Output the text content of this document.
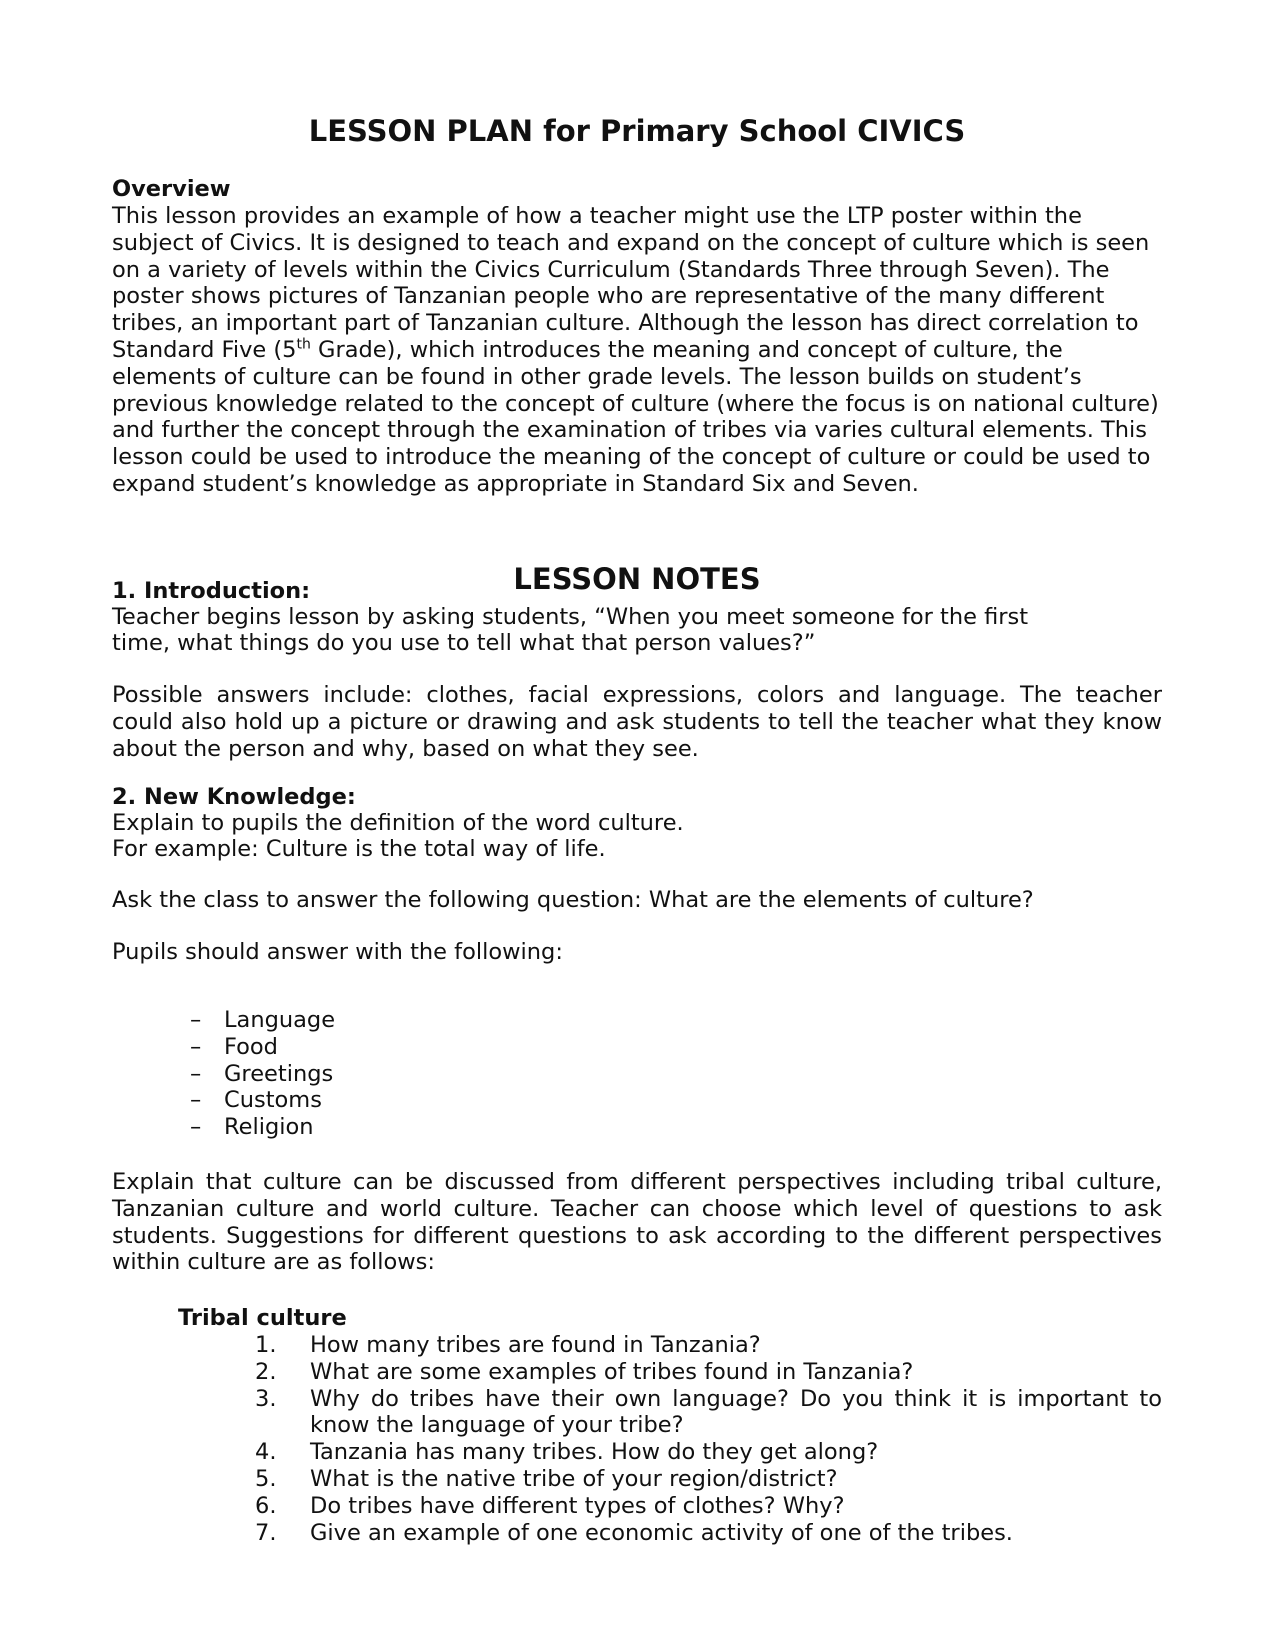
LESSON PLAN for Primary School CIVICS

Overview

This lesson provides an example of how a teacher might use the LTP poster within the subject of Civics. It is designed to teach and expand on the concept of culture which is seen on a variety of levels within the Civics Curriculum (Standards Three through Seven). The poster shows pictures of Tanzanian people who are representative of the many different tribes, an important part of Tanzanian culture. Although the lesson has direct correlation to Standard Five (5th Grade), which introduces the meaning and concept of culture, the elements of culture can be found in other grade levels. The lesson builds on student’s previous knowledge related to the concept of culture (where the focus is on national culture) and further the concept through the examination of tribes via varies cultural elements. This lesson could be used to introduce the meaning of the concept of culture or could be used to expand student’s knowledge as appropriate in Standard Six and Seven.

LESSON NOTES

1. Introduction:

Teacher begins lesson by asking students, “When you meet someone for the first

time, what things do you use to tell what that person values?”

Possible answers include: clothes, facial expressions, colors and language. The teacher could also hold up a picture or drawing and ask students to tell the teacher what they know about the person and why, based on what they see.

2. New Knowledge:

Explain to pupils the definition of the word culture.

For example: Culture is the total way of life.

Ask the class to answer the following question: What are the elements of culture?

Pupils should answer with the following:

– Language
– Food
– Greetings
– Customs
– Religion

Explain that culture can be discussed from different perspectives including tribal culture, Tanzanian culture and world culture. Teacher can choose which level of questions to ask students. Suggestions for different questions to ask according to the different perspectives within culture are as follows:

Tribal culture

1. How many tribes are found in Tanzania?
2. What are some examples of tribes found in Tanzania?
3. Why do tribes have their own language? Do you think it is important to know the language of your tribe?
4. Tanzania has many tribes. How do they get along?
5. What is the native tribe of your region/district?
6. Do tribes have different types of clothes? Why?
7. Give an example of one economic activity of one of the tribes.
